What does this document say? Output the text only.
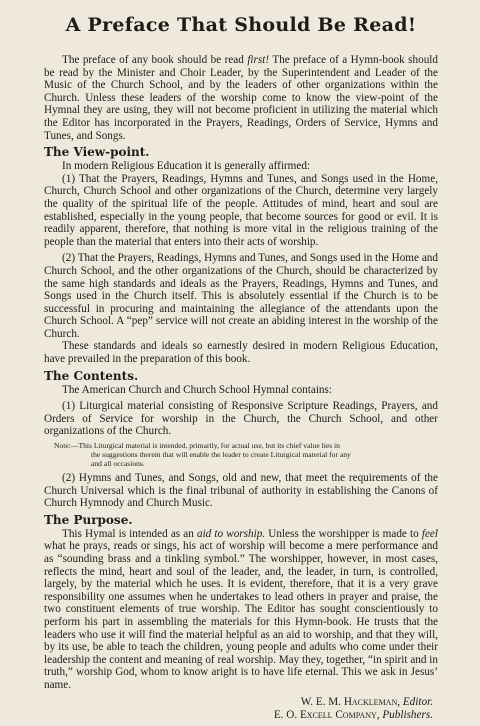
A Preface That Should Be Read!

The preface of any book should be read first! The preface of a Hymn-book should be read by the Minister and Choir Leader, by the Superintendent and Leader of the Music of the Church School, and by the leaders of other organizations within the Church. Unless these leaders of the worship come to know the view-point of the Hymnal they are using, they will not become proficient in utilizing the material which the Editor has incorporated in the Prayers, Readings, Orders of Service, Hymns and Tunes, and Songs.

The View-point.

In modern Religious Education it is generally affirmed:

(1) That the Prayers, Readings, Hymns and Tunes, and Songs used in the Home, Church, Church School and other organizations of the Church, determine very largely the quality of the spiritual life of the people. Attitudes of mind, heart and soul are established, especially in the young people, that become sources for good or evil. It is readily apparent, therefore, that nothing is more vital in the religious training of the people than the material that enters into their acts of worship.

(2) That the Prayers, Readings, Hymns and Tunes, and Songs used in the Home and Church School, and the other organizations of the Church, should be characterized by the same high standards and ideals as the Prayers, Readings, Hymns and Tunes, and Songs used in the Church itself. This is absolutely essential if the Church is to be successful in procuring and maintaining the allegiance of the attendants upon the Church School. A “pep” service will not create an abiding interest in the worship of the Church.

These standards and ideals so earnestly desired in modern Religious Education, have prevailed in the preparation of this book.

The Contents.

The American Church and Church School Hymnal contains:

(1) Liturgical material consisting of Responsive Scripture Readings, Prayers, and Orders of Service for worship in the Church, the Church School, and other organizations of the Church.

Note:—This Liturgical material is intended, primarily, for actual use, but its chief value lies in
the suggestions therein that will enable the leader to create Liturgical material for any
and all occasions.

(2) Hymns and Tunes, and Songs, old and new, that meet the requirements of the Church Universal which is the final tribunal of authority in establishing the Canons of Church Hymnody and Church Music.

The Purpose.

This Hymal is intended as an aid to worship. Unless the worshipper is made to feel what he prays, reads or sings, his act of worship will become a mere performance and as “sounding brass and a tinkling symbol.” The worshipper, however, in most cases, reflects the mind, heart and soul of the leader, and, the leader, in turn, is controlled, largely, by the material which he uses. It is evident, therefore, that it is a very grave responsibility one assumes when he undertakes to lead others in prayer and praise, the two constituent elements of true worship. The Editor has sought conscientiously to perform his part in assembling the materials for this Hymn-book. He trusts that the leaders who use it will find the material helpful as an aid to worship, and that they will, by its use, be able to teach the children, young people and adults who come under their leadership the content and meaning of real worship. May they, together, “in spirit and in truth,” worship God, whom to know aright is to have life eternal. This we ask in Jesus’ name.

W. E. M. Hackleman, Editor.
E. O. Excell Company, Publishers.
